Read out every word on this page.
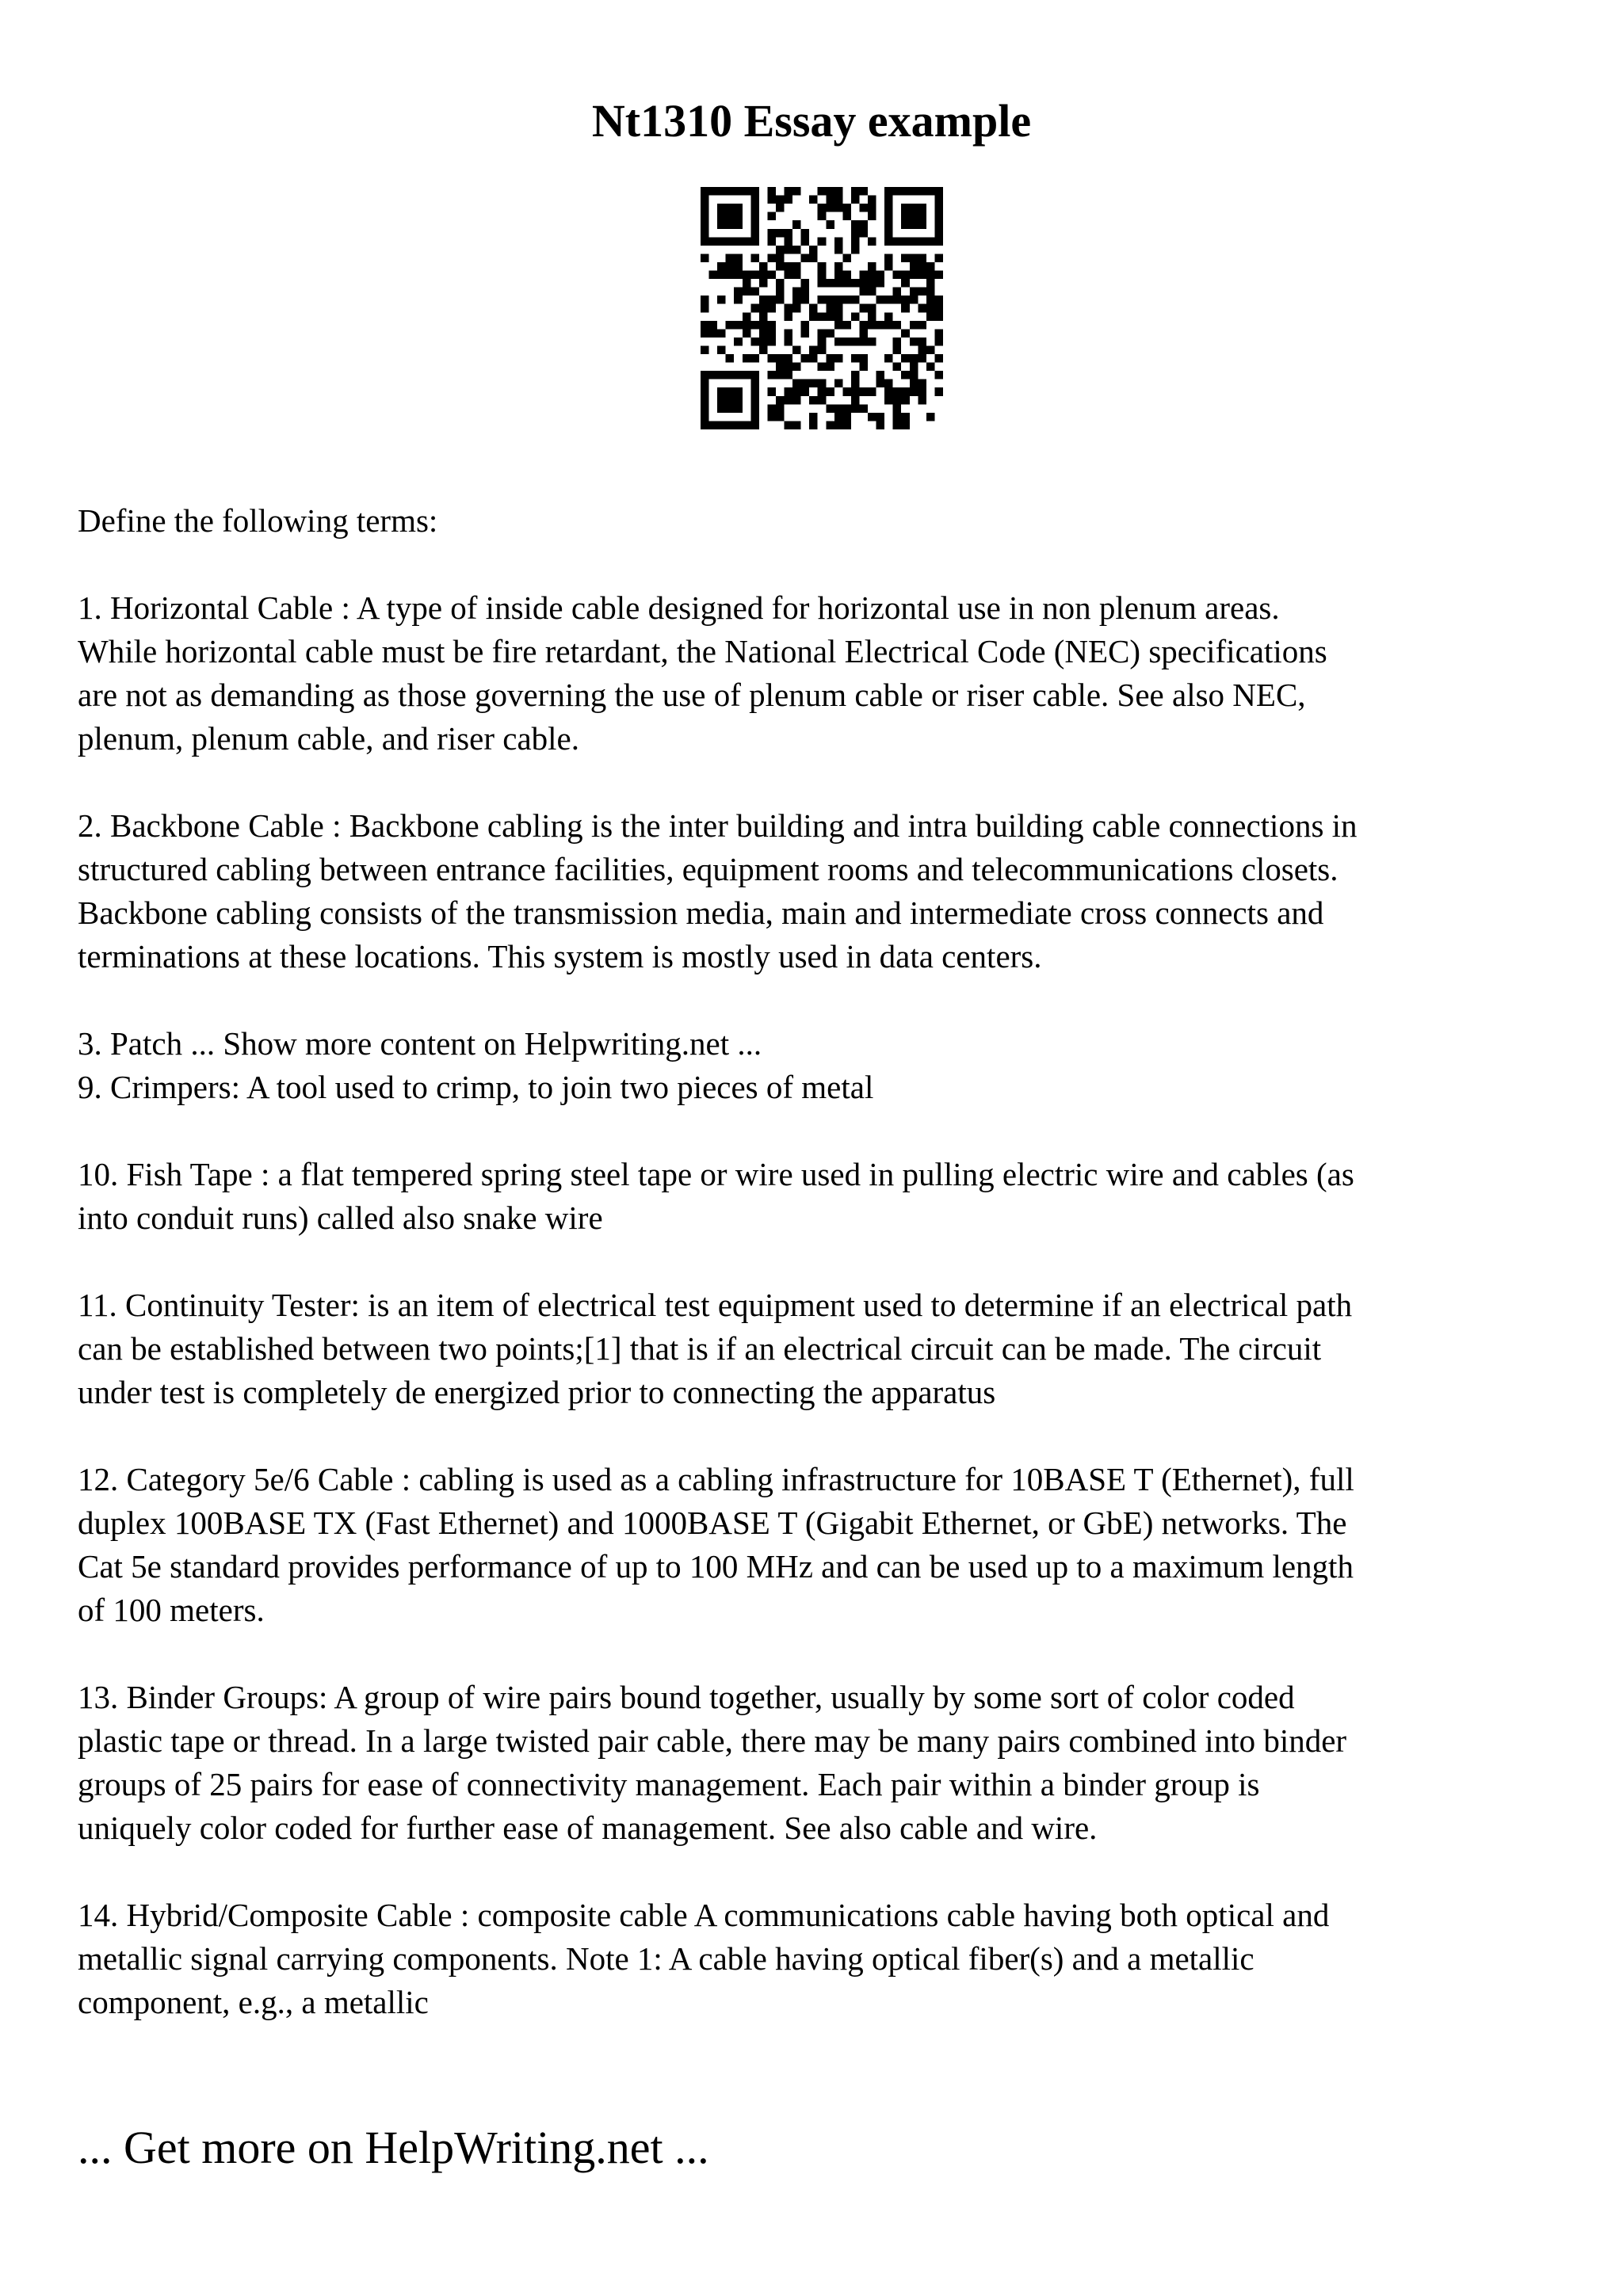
Nt1310 Essay example

Define the following terms:

1. Horizontal Cable : A type of inside cable designed for horizontal use in non plenum areas.
While horizontal cable must be fire retardant, the National Electrical Code (NEC) specifications
are not as demanding as those governing the use of plenum cable or riser cable. See also NEC,
plenum, plenum cable, and riser cable.

2. Backbone Cable : Backbone cabling is the inter building and intra building cable connections in
structured cabling between entrance facilities, equipment rooms and telecommunications closets.
Backbone cabling consists of the transmission media, main and intermediate cross connects and
terminations at these locations. This system is mostly used in data centers.

3. Patch ... Show more content on Helpwriting.net ...
9. Crimpers: A tool used to crimp, to join two pieces of metal

10. Fish Tape : a flat tempered spring steel tape or wire used in pulling electric wire and cables (as
into conduit runs) called also snake wire

11. Continuity Tester: is an item of electrical test equipment used to determine if an electrical path
can be established between two points;[1] that is if an electrical circuit can be made. The circuit
under test is completely de energized prior to connecting the apparatus

12. Category 5e/6 Cable : cabling is used as a cabling infrastructure for 10BASE T (Ethernet), full
duplex 100BASE TX (Fast Ethernet) and 1000BASE T (Gigabit Ethernet, or GbE) networks. The
Cat 5e standard provides performance of up to 100 MHz and can be used up to a maximum length
of 100 meters.

13. Binder Groups: A group of wire pairs bound together, usually by some sort of color coded
plastic tape or thread. In a large twisted pair cable, there may be many pairs combined into binder
groups of 25 pairs for ease of connectivity management. Each pair within a binder group is
uniquely color coded for further ease of management. See also cable and wire.

14. Hybrid/Composite Cable : composite cable A communications cable having both optical and
metallic signal carrying components. Note 1: A cable having optical fiber(s) and a metallic
component, e.g., a metallic

... Get more on HelpWriting.net ...
